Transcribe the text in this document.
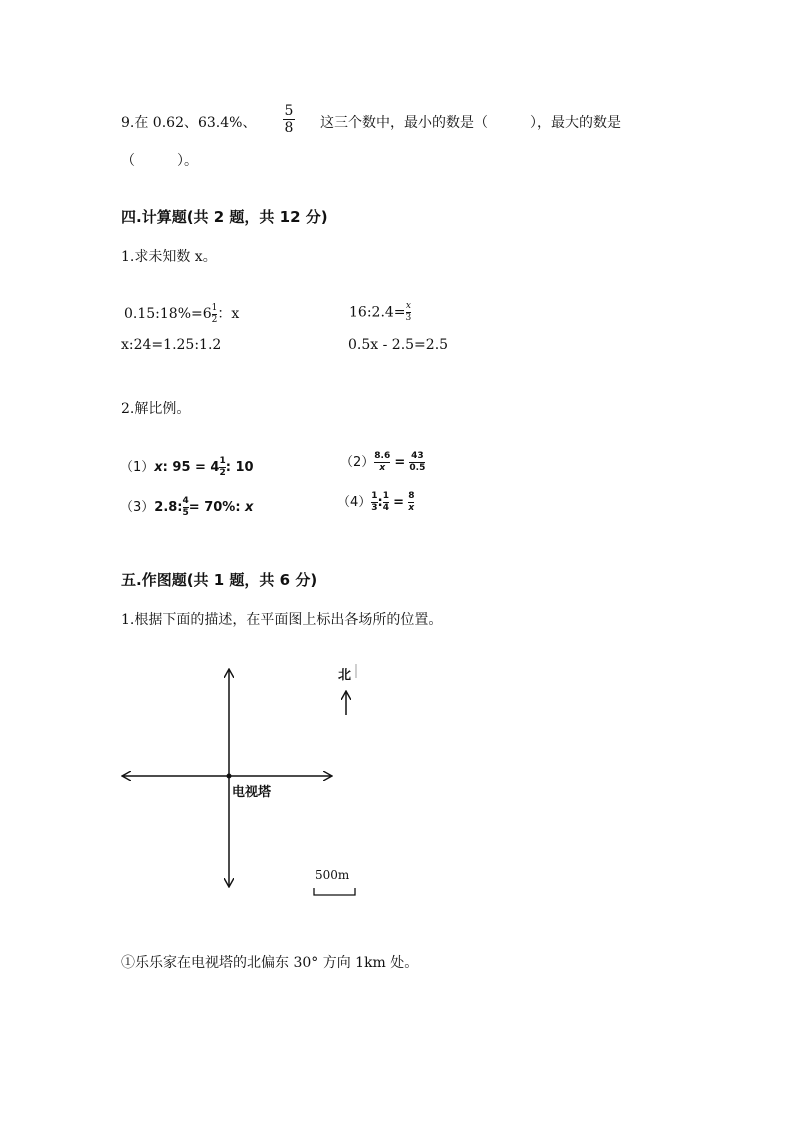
9.在 0.62、63.4%、 $\frac{5}{8}$ 这三个数中，最小的数是（　　　），最大的数是
（　　　）。
四.计算题(共 2 题，共 12 分)
1.求未知数 x。
0.15:18%=6 $\frac{1}{2}$ ：x	16:2.4= $\frac{x}{3}$
x:24=1.25:1.2	0.5x - 2.5=2.5
2.解比例。
（1）x: $95 = 4 \frac{1}{2}$ : 10	$(2) \frac{8.6}{x} = \frac{43}{0.5}$
（3）2.8: $\frac{4}{5} = 70\%$: x	$(4) \frac{1}{3}$ : $\frac{1}{4} = \frac{8}{x}$
五.作图题(共 1 题，共 6 分)
1.根据下面的描述，在平面图上标出各场所的位置。
北
电视塔
500m
①乐乐家在电视塔的北偏东 30° 方向 1km 处。
